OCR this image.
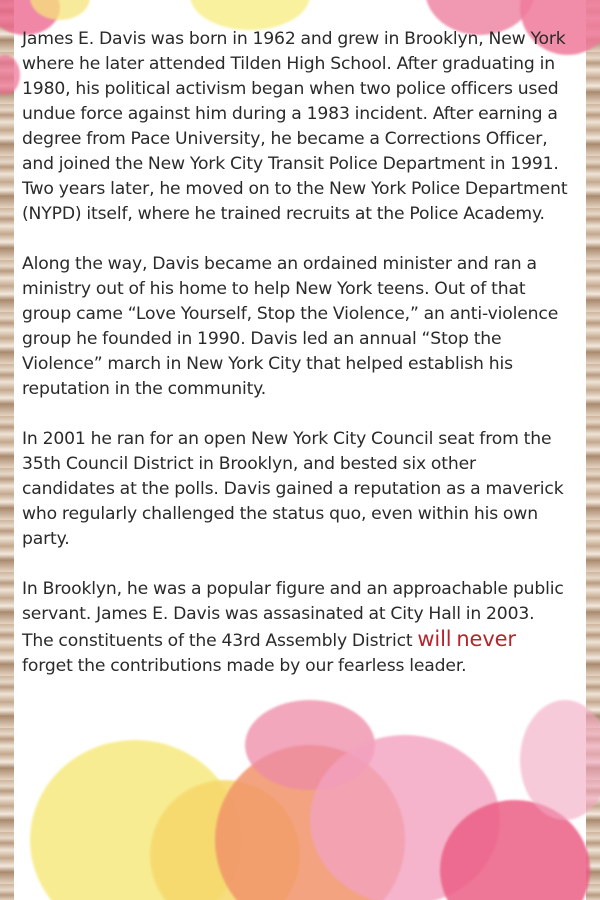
James E. Davis was born in 1962 and grew in Brooklyn, New York where he later attended Tilden High School. After graduating in 1980, his political activism began when two police officers used undue force against him during a 1983 incident. After earning a degree from Pace University, he became a Corrections Officer, and joined the New York City Transit Police Department in 1991. Two years later, he moved on to the New York Police Department (NYPD) itself, where he trained recruits at the Police Academy.

Along the way, Davis became an ordained minister and ran a ministry out of his home to help New York teens. Out of that group came “Love Yourself, Stop the Violence,” an anti-violence group he founded in 1990. Davis led an annual “Stop the Violence” march in New York City that helped establish his reputation in the community.

In 2001 he ran for an open New York City Council seat from the 35th Council District in Brooklyn, and bested six other candidates at the polls. Davis gained a reputation as a maverick who regularly challenged the status quo, even within his own party.

In Brooklyn, he was a popular figure and an approachable public servant. James E. Davis was assasinated at City Hall in 2003. The constituents of the 43rd Assembly District will never forget the contributions made by our fearless leader.
